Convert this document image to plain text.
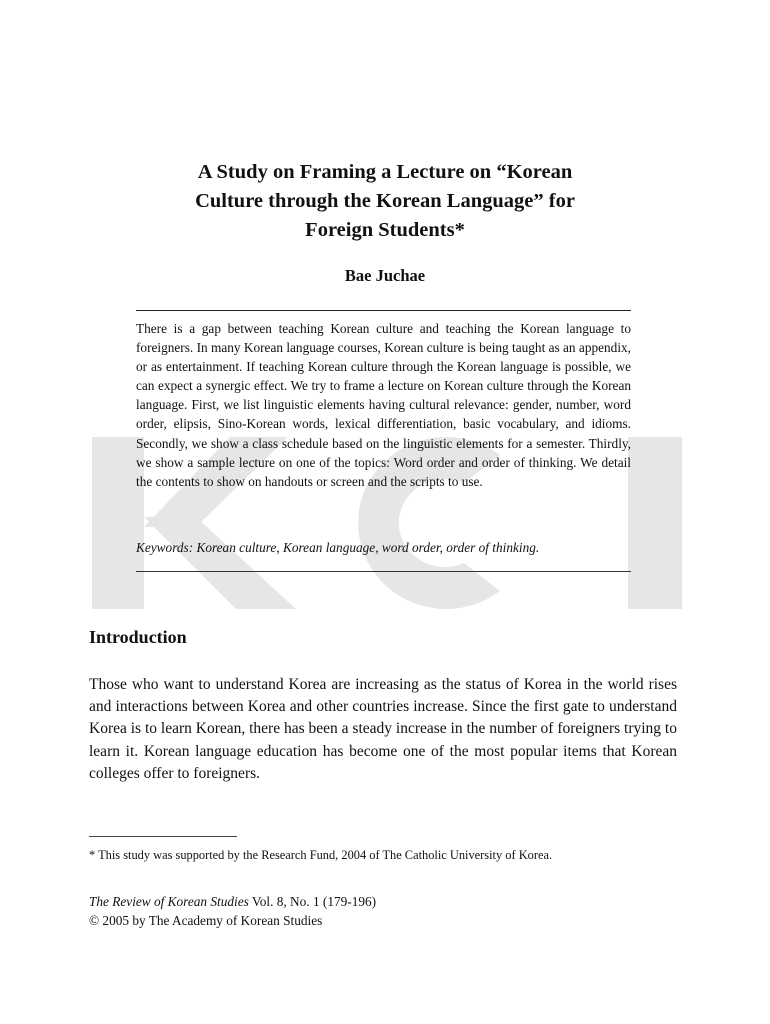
A Study on Framing a Lecture on “Korean
Culture through the Korean Language” for
Foreign Students*
Bae Juchae
There is a gap between teaching Korean culture and teaching the Korean language to foreigners. In many Korean language courses, Korean culture is being taught as an appendix, or as entertainment. If teaching Korean culture through the Korean language is possible, we can expect a synergic effect. We try to frame a lecture on Korean culture through the Korean language. First, we list linguistic elements having cultural relevance: gender, number, word order, elipsis, Sino-Korean words, lexical differentiation, basic vocabulary, and idioms. Secondly, we show a class schedule based on the linguistic elements for a semester. Thirdly, we show a sample lecture on one of the topics: Word order and order of thinking. We detail the contents to show on handouts or screen and the scripts to use.
Keywords: Korean culture, Korean language, word order, order of thinking.
Introduction
Those who want to understand Korea are increasing as the status of Korea in the world rises and interactions between Korea and other countries increase. Since the first gate to understand Korea is to learn Korean, there has been a steady increase in the number of foreigners trying to learn it. Korean language education has become one of the most popular items that Korean colleges offer to foreigners.
* This study was supported by the Research Fund, 2004 of The Catholic University of Korea.
The Review of Korean Studies Vol. 8, No. 1 (179-196)
© 2005 by The Academy of Korean Studies
